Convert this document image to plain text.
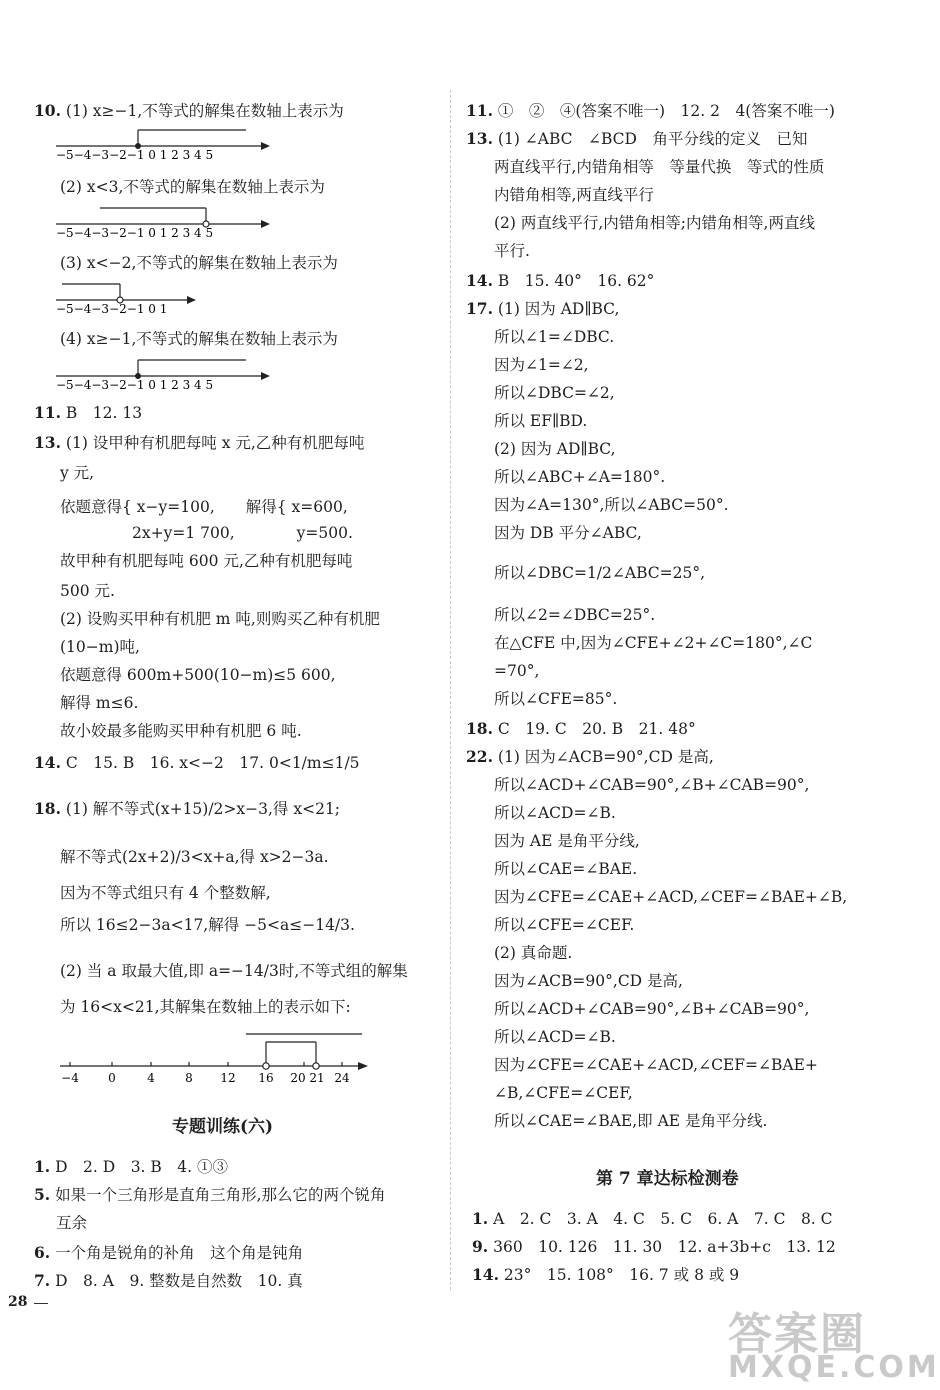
10. (1) x≥−1,不等式的解集在数轴上表示为
(2) x<3,不等式的解集在数轴上表示为
(3) x<−2,不等式的解集在数轴上表示为
(4) x≥−1,不等式的解集在数轴上表示为
11. B　12. 13
13. (1) 设甲种有机肥每吨 x 元,乙种有机肥每吨
y 元,
依题意得{ x−y=100,　　解得{ x=600,
2x+y=1 700,　　　　y=500.
故甲种有机肥每吨 600 元,乙种有机肥每吨
500 元.
(2) 设购买甲种有机肥 m 吨,则购买乙种有机肥
(10−m)吨,
依题意得 600m+500(10−m)≤5 600,
解得 m≤6.
故小姣最多能购买甲种有机肥 6 吨.
14. C　15. B　16. x<−2　17. 0<1/m≤1/5
18. (1) 解不等式(x+15)/2>x−3,得 x<21;
解不等式(2x+2)/3<x+a,得 x>2−3a.
因为不等式组只有 4 个整数解,
所以 16≤2−3a<17,解得 −5<a≤−14/3.
(2) 当 a 取最大值,即 a=−14/3时,不等式组的解集
为 16<x<21,其解集在数轴上的表示如下:
1. D　2. D　3. B　4. ①③
5. 如果一个三角形是直角三角形,那么它的两个锐角
互余
6. 一个角是锐角的补角　这个角是钝角
7. D　8. A　9. 整数是自然数　10. 真
专题训练(六)
11. ①　②　④(答案不唯一)　12. 2　4(答案不唯一)
13. (1) ∠ABC　∠BCD　角平分线的定义　已知
两直线平行,内错角相等　等量代换　等式的性质
内错角相等,两直线平行
(2) 两直线平行,内错角相等;内错角相等,两直线
平行.
14. B　15. 40°　16. 62°
17. (1) 因为 AD∥BC,
所以∠1=∠DBC.
因为∠1=∠2,
所以∠DBC=∠2,
所以 EF∥BD.
(2) 因为 AD∥BC,
所以∠ABC+∠A=180°.
因为∠A=130°,所以∠ABC=50°.
因为 DB 平分∠ABC,
所以∠DBC=1/2∠ABC=25°,
所以∠2=∠DBC=25°.
在△CFE 中,因为∠CFE+∠2+∠C=180°,∠C
=70°,
所以∠CFE=85°.
18. C　19. C　20. B　21. 48°
22. (1) 因为∠ACB=90°,CD 是高,
所以∠ACD+∠CAB=90°,∠B+∠CAB=90°,
所以∠ACD=∠B.
因为 AE 是角平分线,
所以∠CAE=∠BAE.
因为∠CFE=∠CAE+∠ACD,∠CEF=∠BAE+∠B,
所以∠CFE=∠CEF.
(2) 真命题.
因为∠ACB=90°,CD 是高,
所以∠ACD+∠CAB=90°,∠B+∠CAB=90°,
所以∠ACD=∠B.
因为∠CFE=∠CAE+∠ACD,∠CEF=∠BAE+
∠B,∠CFE=∠CEF,
所以∠CAE=∠BAE,即 AE 是角平分线.
1. A　2. C　3. A　4. C　5. C　6. A　7. C　8. C
9. 360　10. 126　11. 30　12. a+3b+c　13. 12
14. 23°　15. 108°　16. 7 或 8 或 9
第 7 章达标检测卷
−5−4−3−2−1 0 1 2 3 4 5
−5−4−3−2−1 0 1 2 3 4 5
−5−4−3−2−1 0 1
−5−4−3−2−1 0 1 2 3 4 5
−4 0	4	8 12 16 20 21 24
28
答案圈
MXQE.COM
